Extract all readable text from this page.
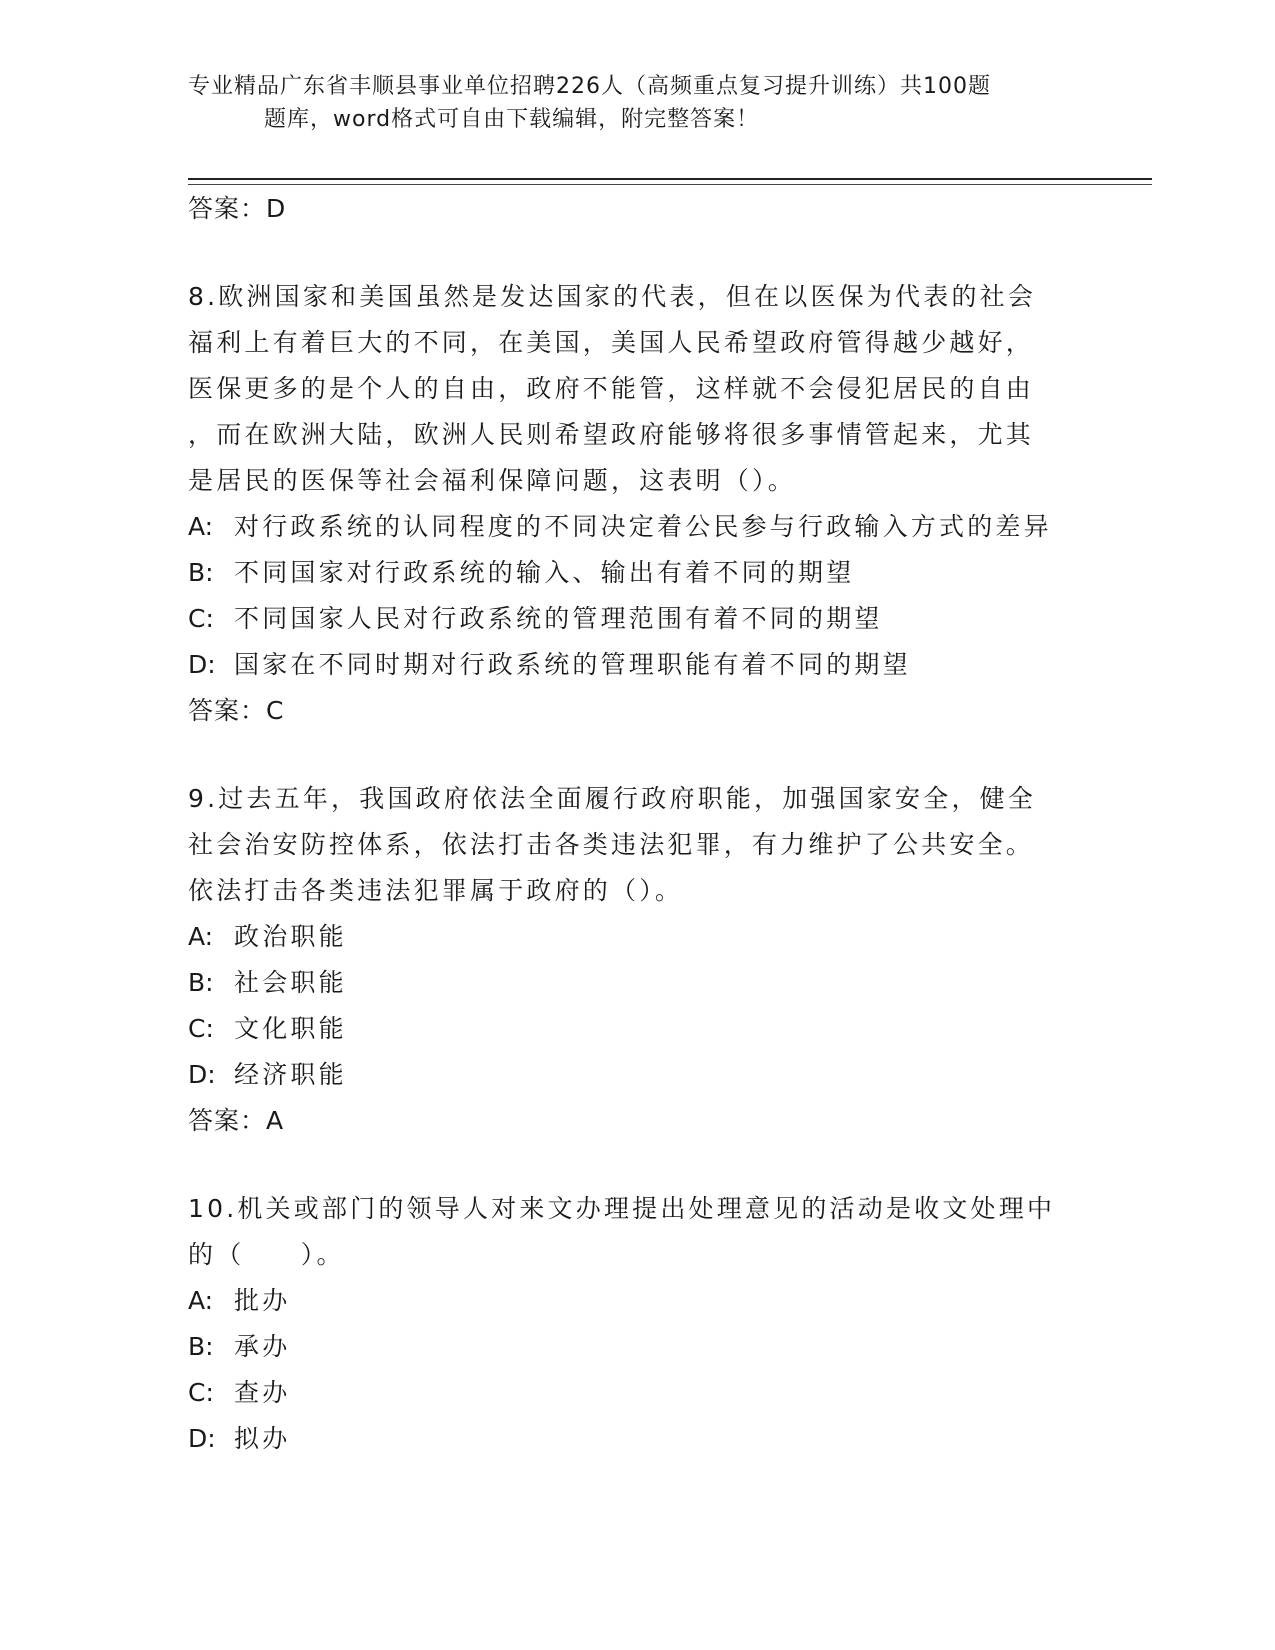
专业精品广东省丰顺县事业单位招聘226人（高频重点复习提升训练）共100题
题库，word格式可自由下载编辑，附完整答案！
答案：D
8.欧洲国家和美国虽然是发达国家的代表，但在以医保为代表的社会
福利上有着巨大的不同，在美国，美国人民希望政府管得越少越好，
医保更多的是个人的自由，政府不能管，这样就不会侵犯居民的自由
，而在欧洲大陆，欧洲人民则希望政府能够将很多事情管起来，尤其
是居民的医保等社会福利保障问题，这表明（）。
A: 对行政系统的认同程度的不同决定着公民参与行政输入方式的差异
B: 不同国家对行政系统的输入、输出有着不同的期望
C: 不同国家人民对行政系统的管理范围有着不同的期望
D: 国家在不同时期对行政系统的管理职能有着不同的期望
答案：C
9.过去五年，我国政府依法全面履行政府职能，加强国家安全，健全
社会治安防控体系，依法打击各类违法犯罪，有力维护了公共安全。
依法打击各类违法犯罪属于政府的（）。
A: 政治职能
B: 社会职能
C: 文化职能
D: 经济职能
答案：A
10.机关或部门的领导人对来文办理提出处理意见的活动是收文处理中
的（　　）。
A: 批办
B: 承办
C: 查办
D: 拟办
